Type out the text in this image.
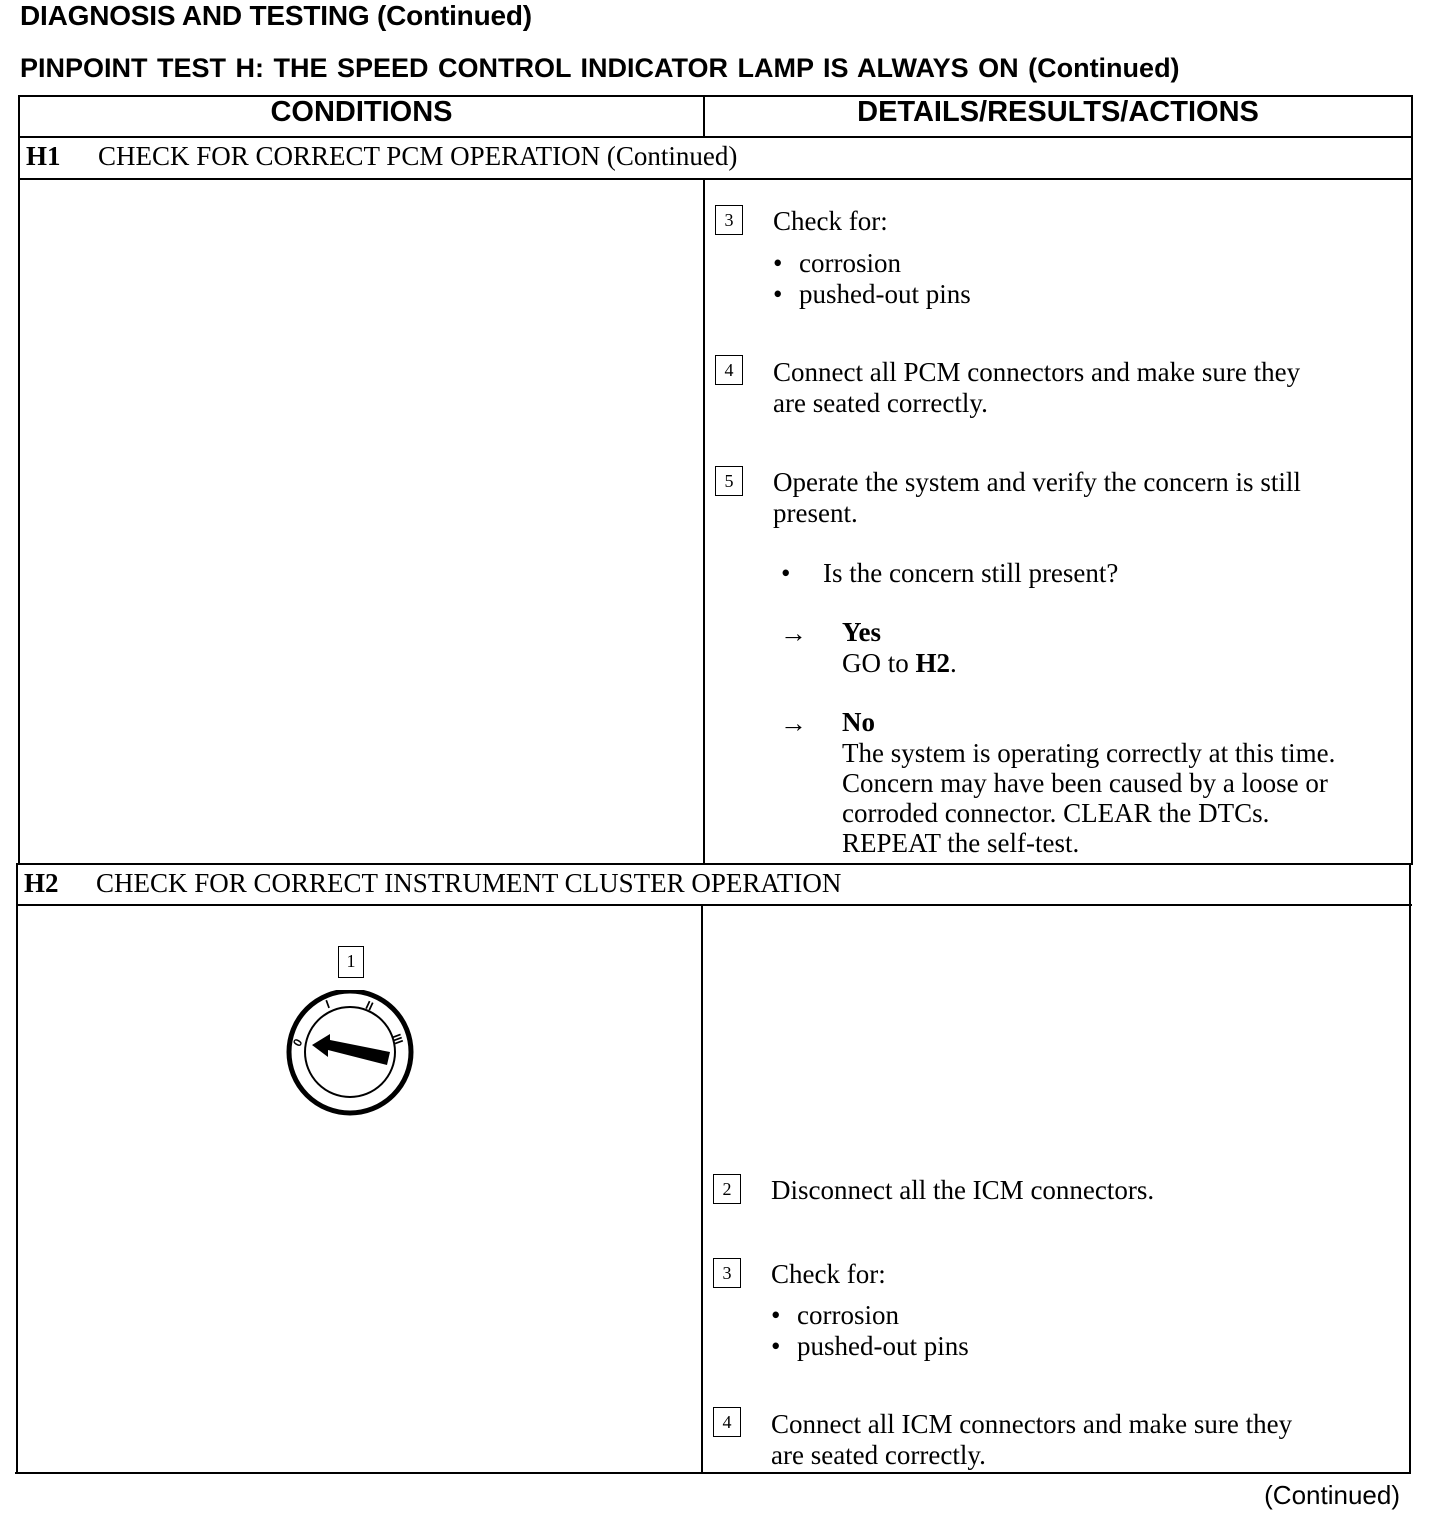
DIAGNOSIS AND TESTING (Continued)
PINPOINT TEST H: THE SPEED CONTROL INDICATOR LAMP IS ALWAYS ON (Continued)
CONDITIONS	DETAILS/RESULTS/ACTIONS
H1 CHECK FOR CORRECT PCM OPERATION (Continued)
3	Check for:
• corrosion
• pushed-out pins
4	Connect all PCM connectors and make sure they
are seated correctly.
5	Operate the system and verify the concern is still
present.
• Is the concern still present?
→ Yes
GO to H2.
→ No
The system is operating correctly at this time.
Concern may have been caused by a loose or
corroded connector. CLEAR the DTCs.
REPEAT the self-test.
H2 CHECK FOR CORRECT INSTRUMENT CLUSTER OPERATION
1
0
I	II
III
2	Disconnect all the ICM connectors.
3	Check for:
• corrosion
• pushed-out pins
4	Connect all ICM connectors and make sure they
are seated correctly.
(Continued)
